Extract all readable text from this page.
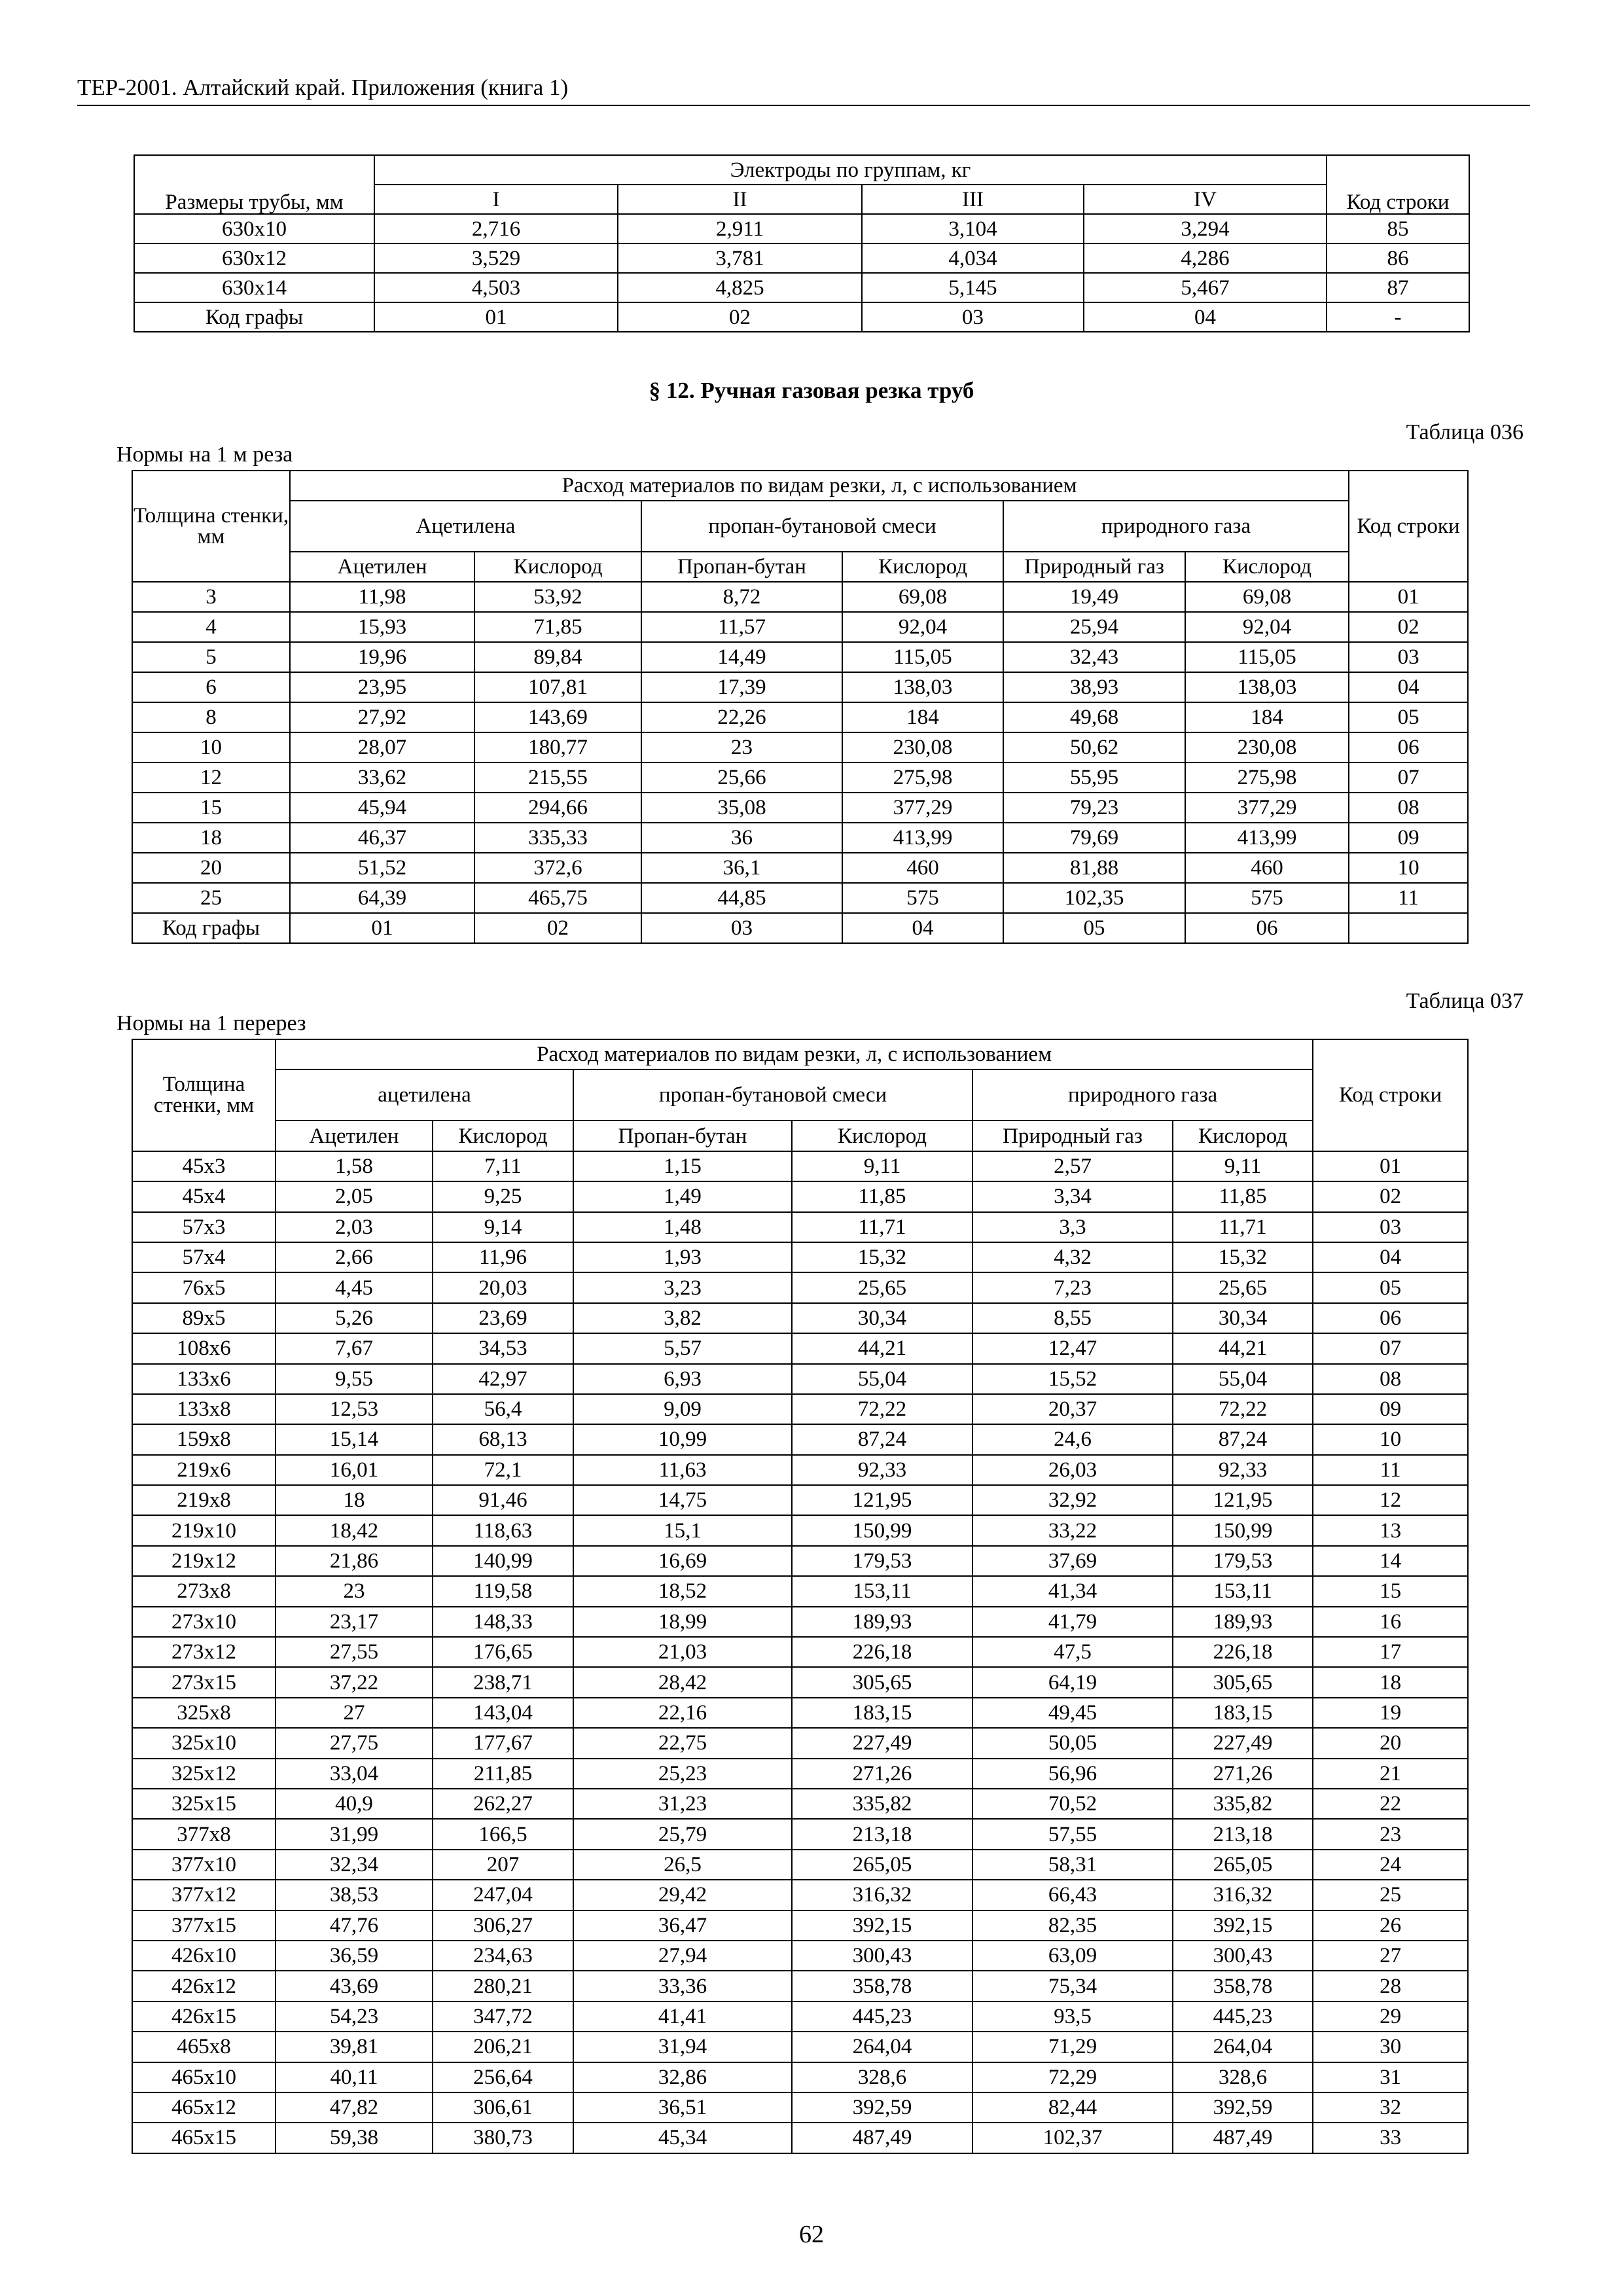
ТЕР-2001. Алтайский край. Приложения (книга 1)
Размеры трубы, мм	Электроды по группам, кг				Код строки
	I	II	III	IV	
630x10	2,716	2,911	3,104	3,294	85
630x12	3,529	3,781	4,034	4,286	86
630x14	4,503	4,825	5,145	5,467	87
Код графы	01	02	03	04	-
§ 12. Ручная газовая резка труб
Таблица 036
Нормы на 1 м реза
Толщина стенки, мм	Расход материалов по видам резки, л, с использованием						Код строки
	Ацетилена		пропан-бутановой смеси		природного газа		
	Ацетилен	Кислород	Пропан-бутан	Кислород	Природный газ	Кислород	
3	11,98	53,92	8,72	69,08	19,49	69,08	01
4	15,93	71,85	11,57	92,04	25,94	92,04	02
5	19,96	89,84	14,49	115,05	32,43	115,05	03
6	23,95	107,81	17,39	138,03	38,93	138,03	04
8	27,92	143,69	22,26	184	49,68	184	05
10	28,07	180,77	23	230,08	50,62	230,08	06
12	33,62	215,55	25,66	275,98	55,95	275,98	07
15	45,94	294,66	35,08	377,29	79,23	377,29	08
18	46,37	335,33	36	413,99	79,69	413,99	09
20	51,52	372,6	36,1	460	81,88	460	10
25	64,39	465,75	44,85	575	102,35	575	11
Код графы	01	02	03	04	05	06	
Таблица 037
Нормы на 1 перерез
Толщина стенки, мм	Расход материалов по видам резки, л, с использованием						Код строки
	ацетилена		пропан-бутановой смеси		природного газа		
	Ацетилен	Кислород	Пропан-бутан	Кислород	Природный газ	Кислород	
45x3	1,58	7,11	1,15	9,11	2,57	9,11	01
45x4	2,05	9,25	1,49	11,85	3,34	11,85	02
57x3	2,03	9,14	1,48	11,71	3,3	11,71	03
57x4	2,66	11,96	1,93	15,32	4,32	15,32	04
76x5	4,45	20,03	3,23	25,65	7,23	25,65	05
89x5	5,26	23,69	3,82	30,34	8,55	30,34	06
108x6	7,67	34,53	5,57	44,21	12,47	44,21	07
133x6	9,55	42,97	6,93	55,04	15,52	55,04	08
133x8	12,53	56,4	9,09	72,22	20,37	72,22	09
159x8	15,14	68,13	10,99	87,24	24,6	87,24	10
219x6	16,01	72,1	11,63	92,33	26,03	92,33	11
219x8	18	91,46	14,75	121,95	32,92	121,95	12
219x10	18,42	118,63	15,1	150,99	33,22	150,99	13
219x12	21,86	140,99	16,69	179,53	37,69	179,53	14
273x8	23	119,58	18,52	153,11	41,34	153,11	15
273x10	23,17	148,33	18,99	189,93	41,79	189,93	16
273x12	27,55	176,65	21,03	226,18	47,5	226,18	17
273x15	37,22	238,71	28,42	305,65	64,19	305,65	18
325x8	27	143,04	22,16	183,15	49,45	183,15	19
325x10	27,75	177,67	22,75	227,49	50,05	227,49	20
325x12	33,04	211,85	25,23	271,26	56,96	271,26	21
325x15	40,9	262,27	31,23	335,82	70,52	335,82	22
377x8	31,99	166,5	25,79	213,18	57,55	213,18	23
377x10	32,34	207	26,5	265,05	58,31	265,05	24
377x12	38,53	247,04	29,42	316,32	66,43	316,32	25
377x15	47,76	306,27	36,47	392,15	82,35	392,15	26
426x10	36,59	234,63	27,94	300,43	63,09	300,43	27
426x12	43,69	280,21	33,36	358,78	75,34	358,78	28
426x15	54,23	347,72	41,41	445,23	93,5	445,23	29
465x8	39,81	206,21	31,94	264,04	71,29	264,04	30
465x10	40,11	256,64	32,86	328,6	72,29	328,6	31
465x12	47,82	306,61	36,51	392,59	82,44	392,59	32
465x15	59,38	380,73	45,34	487,49	102,37	487,49	33
62
